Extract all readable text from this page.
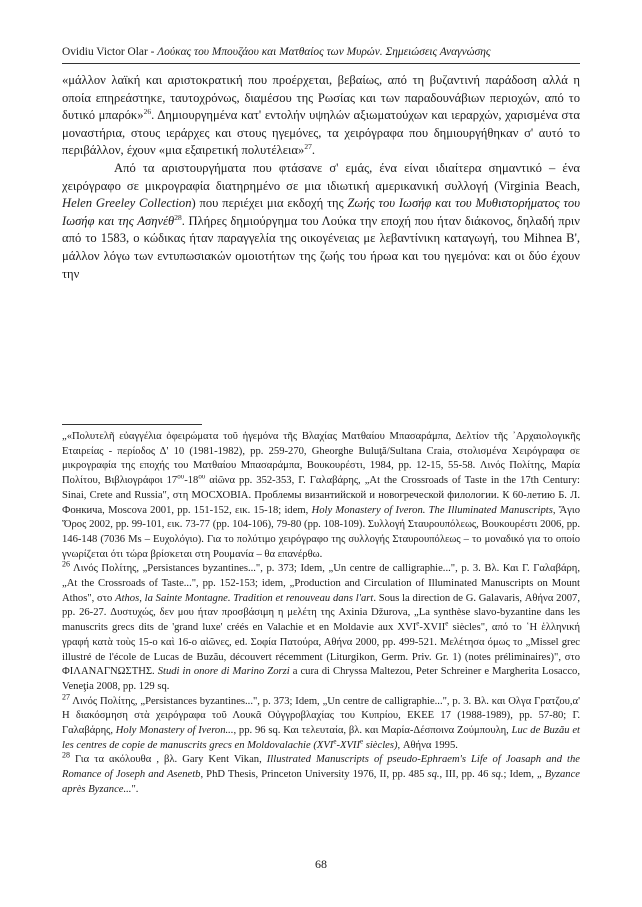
Ovidiu Victor Olar - Λούκας του Μπουζάου και Ματθαίος των Μυρών. Σημειώσεις Αναγνώσης

«μάλλον λαϊκή και αριστοκρατική που προέρχεται, βεβαίως, από τη βυζαντινή παράδοση αλλά η οποία επηρεάστηκε, ταυτοχρόνως, διαμέσου της Ρωσίας και των παραδουνάβιων περιοχών, από το δυτικό μπαρόκ»$^{26}$. Δημιουργημένα κατ' εντολήν υψηλών αξιωματούχων και ιεραρχών, χαρισμένα στα μοναστήρια, στους ιεράρχες και στους ηγεμόνες, τα χειρόγραφα που δημιουργήθηκαν σ' αυτό το περιβάλλον, έχουν «μια εξαιρετική πολυτέλεια»$^{27}$.

Από τα αριστουργήματα που φτάσανε σ' εμάς, ένα είναι ιδιαίτερα σημαντικό – ένα χειρόγραφο σε μικρογραφία διατηρημένο σε μια ιδιωτική αμερικανική συλλογή (Virginia Beach, Helen Greeley Collection) που περιέχει μια εκδοχή της Ζωής του Ιωσήφ και του Μυθιστορήματος του Ιωσήφ και της Ασηνέθ$^{28}$. Πλήρες δημιούργημα του Λούκα την εποχή που ήταν διάκονος, δηλαδή πριν από το 1583, ο κώδικας ήταν παραγγελία της οικογένειας με λεβαντίνικη καταγωγή, του Mihnea B', μάλλον λόγω των εντυπωσιακών ομοιοτήτων της ζωής του ήρωα και του ηγεμόνα: και οι δύο έχουν την

„«Πολυτελῆ εὐαγγέλια ὀφειρώματα τοῦ ἡγεμόνα τῆς Βλαχίας Ματθαίου Μπασαράμπα, Δελτίον τῆς ᾿Αρχαιολογικῆς Εταιρείας - περίοδος Δ' 10 (1981-1982), pp. 259-270, Gheorghe Buluţă/Sultana Craia, στολισμένα Χειρόγραφα σε μικρογραφία της εποχής του Ματθαίου Μπασαράμπα, Βουκουρέστι, 1984, pp. 12-15, 55-58. Λινός Πολίτης, Μαρία Πολίτου, Βιβλιογράφοι $17^{o\upsilon}-18^{o\upsilon}$ αἰῶνα pp. 352-353, Γ. Γαλαβάρης, „At the Crossroads of Taste in the 17th Century: Sinai, Crete and Russia", στη МОСХОВІА. Проблемы византийской и новогреческой филологии. К 60-летию Б. Л. Фонкича, Moscova 2001, pp. 151-152, εικ. 15-18; idem, Holy Monastery of Iveron. The Illuminated Manuscripts, Ἅγιο Ὄρος 2002, pp. 99-101, εικ. 73-77 (pp. 104-106), 79-80 (pp. 108-109). Συλλογή Σταυρουπόλεως, Βουκουρέστι 2006, pp. 146-148 (7036 Ms – Ευχολόγιο). Για το πολύτιμο χειρόγραφο της συλλογής Σταυρουπόλεως – το μοναδικό για το οποίο γνωρίζεται ότι τώρα βρίσκεται στη Ρουμανία – θα επανέρθω.

$^{26}$ Λινός Πολίτης, „Persistances byzantines...", p. 373; Idem, „Un centre de calligraphie...", p. 3. Βλ. Και Γ. Γαλαβάρη, „At the Crossroads of Taste...", pp. 152-153; idem, „Production and Circulation of Illuminated Manuscripts on Mount Athos", στο Athos, la Sainte Montagne. Tradition et renouveau dans l'art. Sous la direction de G. Galavaris, Αθήνα 2007, pp. 26-27. Δυστυχώς, δεν μου ήταν προσβάσιμη η μελέτη της Axinia Džurova, „La synthèse slavo-byzantine dans les manuscrits grecs dits de 'grand luxe' créés en Valachie et en Moldavie aux XVIe-XVIIe siècles", από το ῾Η ἑλληνική γραφή κατὰ τοὺς 15-ο καὶ 16-ο αἰῶνες, ed. Σοφία Πατούρα, Αθήνα 2000, pp. 499-521. Μελέτησα όμως το „Missel grec illustré de l'école de Lucas de Buzău, découvert récemment (Liturgikon, Germ. Priv. Gr. 1) (notes préliminaires)", στο ΦΙΛΑΝΑΓΝΩΣΤΗΣ. Studi in onore di Marino Zorzi a cura di Chryssa Maltezou, Peter Schreiner e Margherita Losacco, Veneţia 2008, pp. 129 sq.

$^{27}$ Λινός Πολίτης, „Persistances byzantines...", p. 373; Idem, „Un centre de calligraphie...", p. 3. Βλ. και Ολγα Γρατζου,α' Η διακόσμηση στὰ χειρόγραφα τοῦ Λουκᾶ Οὐγγροβλαχίας του Κυπρίου, ΕΚΕΕ 17 (1988-1989), pp. 57-80; Γ. Γαλαβάρης, Holy Monastery of Iveron..., pp. 96 sq. Και τελευταία, βλ. και Μαρία-Δέσποινα Ζούμπουλη, Luc de Buzău et les centres de copie de manuscrits grecs en Moldovalachie (XVIe-XVIIe siècles), Αθήνα 1995.

$^{28}$ Για τα ακόλουθα , βλ. Gary Kent Vikan, Illustrated Manuscripts of pseudo-Ephraem's Life of Joasaph and the Romance of Joseph and Asenetb, PhD Thesis, Princeton University 1976, II, pp. 485 sq., III, pp. 46 sq.; Idem, „ Byzance après Byzance...".

68
